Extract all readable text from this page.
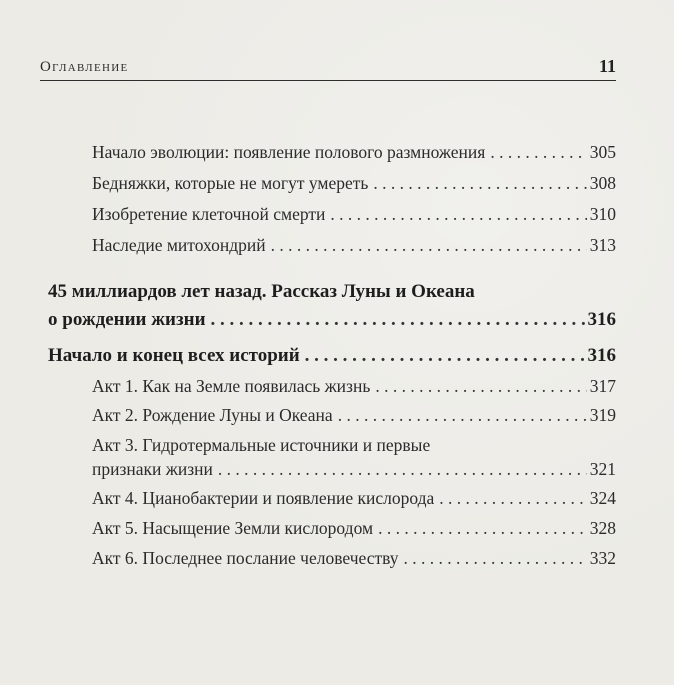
Оглавление	11
Начало эволюции: появление полового размножения . . .	305
Бедняжки, которые не могут умереть . . .	308
Изобретение клеточной смерти . . .	310
Наследие митохондрий . . .	313
45 миллиардов лет назад. Рассказ Луны и Океана
о рождении жизни . . .	316
Начало и конец всех историй . . .	316
Акт 1. Как на Земле появилась жизнь . . .	317
Акт 2. Рождение Луны и Океана . . .	319
Акт 3. Гидротермальные источники и первые
признаки жизни . . .	321
Акт 4. Цианобактерии и появление кислорода . . .	324
Акт 5. Насыщение Земли кислородом . . .	328
Акт 6. Последнее послание человечеству . . .	332
